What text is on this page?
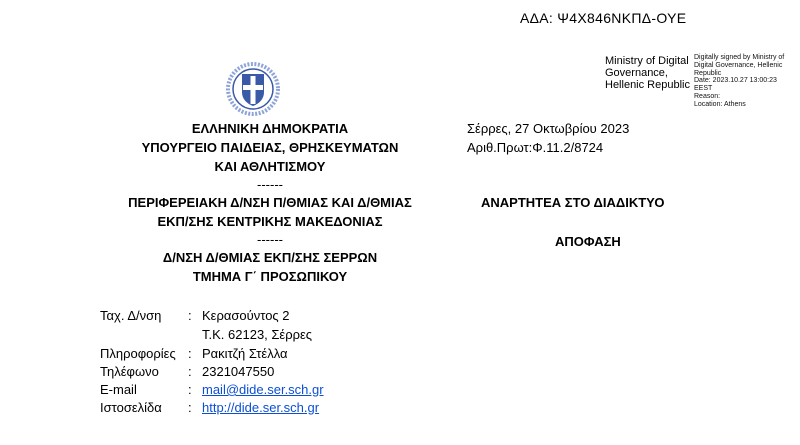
ΑΔΑ: Ψ4Χ846ΝΚΠΔ-ΟΥΕ
Ministry of Digital
Governance,
Hellenic Republic
Digitally signed by Ministry of
Digital Governance, Hellenic
Republic
Date: 2023.10.27 13:00:23
EEST
Reason:
Location: Athens
ΕΛΛΗΝΙΚΗ ΔΗΜΟΚΡΑΤΙΑ
ΥΠΟΥΡΓΕΙΟ ΠΑΙΔΕΙΑΣ, ΘΡΗΣΚΕΥΜΑΤΩΝ
ΚΑΙ ΑΘΛΗΤΙΣΜΟΥ
------
ΠΕΡΙΦΕΡΕΙΑΚΗ Δ/ΝΣΗ Π/ΘΜΙΑΣ ΚΑΙ Δ/ΘΜΙΑΣ
ΕΚΠ/ΣΗΣ ΚΕΝΤΡΙΚΗΣ ΜΑΚΕΔΟΝΙΑΣ
------
Δ/ΝΣΗ Δ/ΘΜΙΑΣ ΕΚΠ/ΣΗΣ ΣΕΡΡΩΝ
ΤΜΗΜΑ Γ΄ ΠΡΟΣΩΠΙΚΟΥ
Σέρρες, 27 Οκτωβρίου 2023
Αριθ.Πρωτ:Φ.11.2/8724
ΑΝΑΡΤΗΤΕΑ ΣΤΟ ΔΙΑΔΙΚΤΥΟ
ΑΠΟΦΑΣΗ
Ταχ. Δ/νση : Κερασούντος 2
Τ.Κ. 62123, Σέρρες
Πληροφορίες : Ρακιτζή Στέλλα
Τηλέφωνο : 2321047550
E-mail	: mail@dide.ser.sch.gr
Ιστοσελίδα : http://dide.ser.sch.gr
